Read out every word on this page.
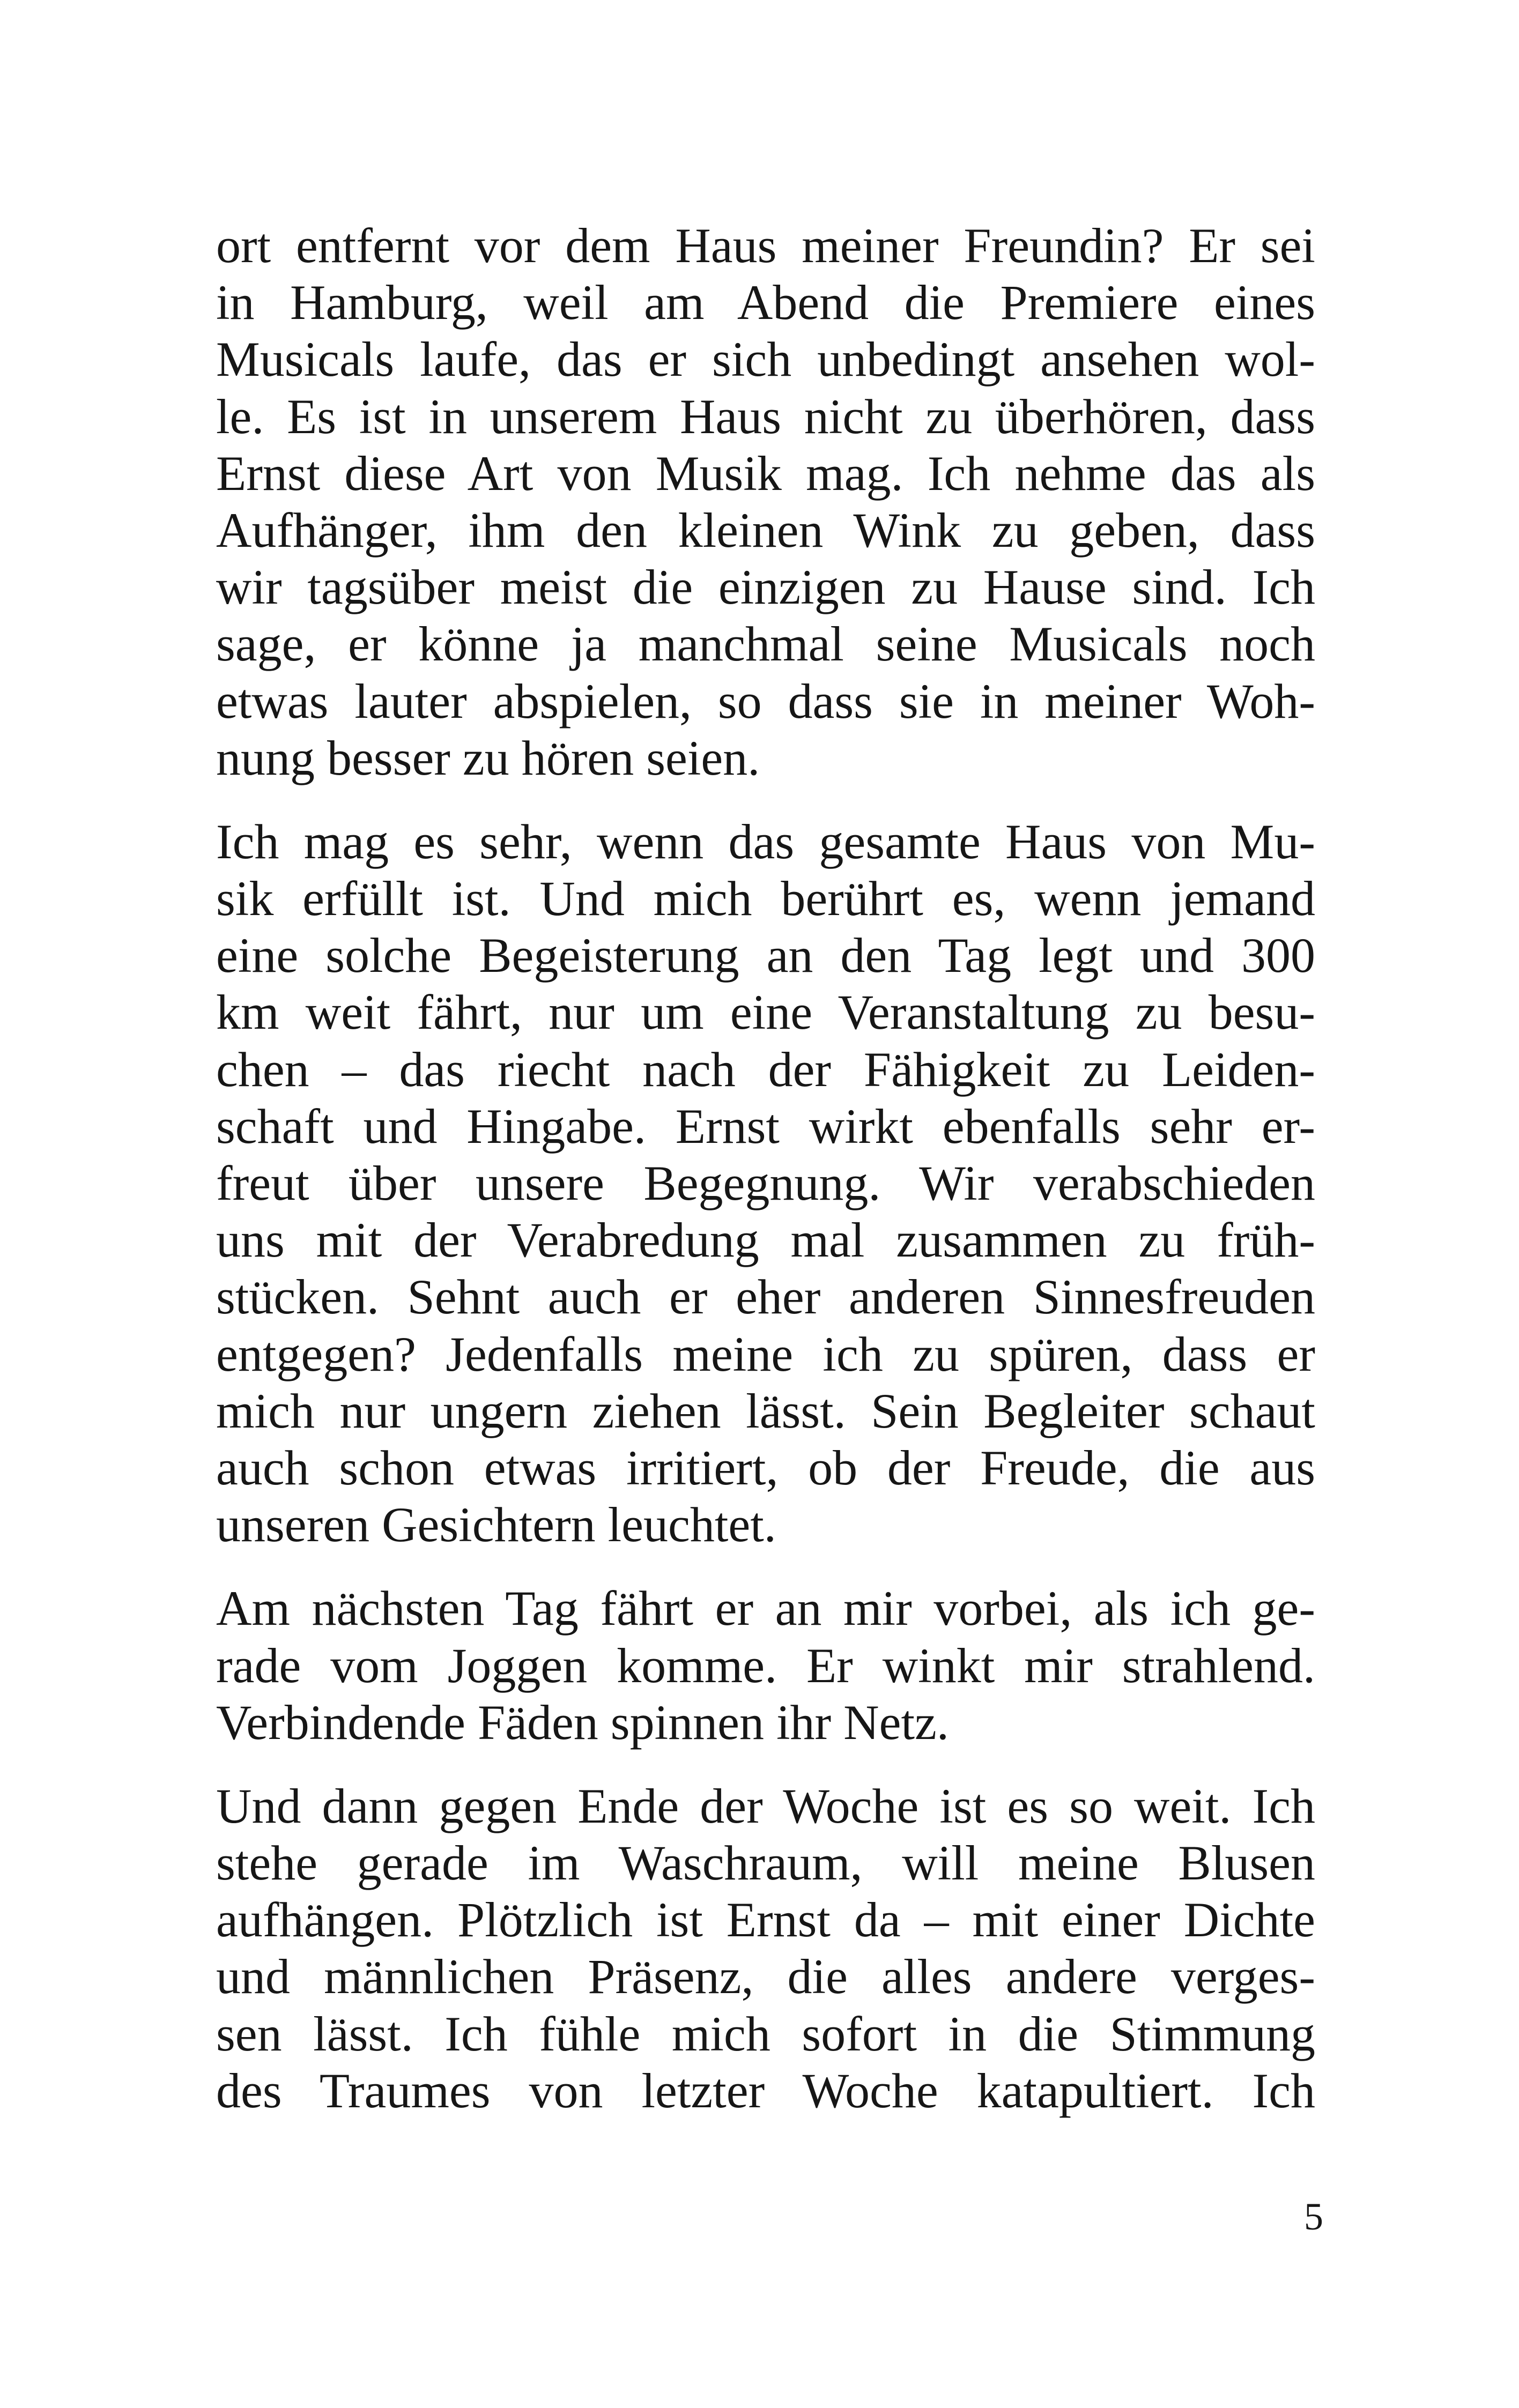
ort entfernt vor dem Haus meiner Freundin? Er sei
in Hamburg, weil am Abend die Premiere eines
Musicals laufe, das er sich unbedingt ansehen wol-
le. Es ist in unserem Haus nicht zu überhören, dass
Ernst diese Art von Musik mag. Ich nehme das als
Aufhänger, ihm den kleinen Wink zu geben, dass
wir tagsüber meist die einzigen zu Hause sind. Ich
sage, er könne ja manchmal seine Musicals noch
etwas lauter abspielen, so dass sie in meiner Woh-
nung besser zu hören seien.
Ich mag es sehr, wenn das gesamte Haus von Mu-
sik erfüllt ist. Und mich berührt es, wenn jemand
eine solche Begeisterung an den Tag legt und 300
km weit fährt, nur um eine Veranstaltung zu besu-
chen – das riecht nach der Fähigkeit zu Leiden-
schaft und Hingabe. Ernst wirkt ebenfalls sehr er-
freut über unsere Begegnung. Wir verabschieden
uns mit der Verabredung mal zusammen zu früh-
stücken. Sehnt auch er eher anderen Sinnesfreuden
entgegen? Jedenfalls meine ich zu spüren, dass er
mich nur ungern ziehen lässt. Sein Begleiter schaut
auch schon etwas irritiert, ob der Freude, die aus
unseren Gesichtern leuchtet.
Am nächsten Tag fährt er an mir vorbei, als ich ge-
rade vom Joggen komme. Er winkt mir strahlend.
Verbindende Fäden spinnen ihr Netz.
Und dann gegen Ende der Woche ist es so weit. Ich
stehe gerade im Waschraum, will meine Blusen
aufhängen. Plötzlich ist Ernst da – mit einer Dichte
und männlichen Präsenz, die alles andere verges-
sen lässt. Ich fühle mich sofort in die Stimmung
des Traumes von letzter Woche katapultiert. Ich
5
